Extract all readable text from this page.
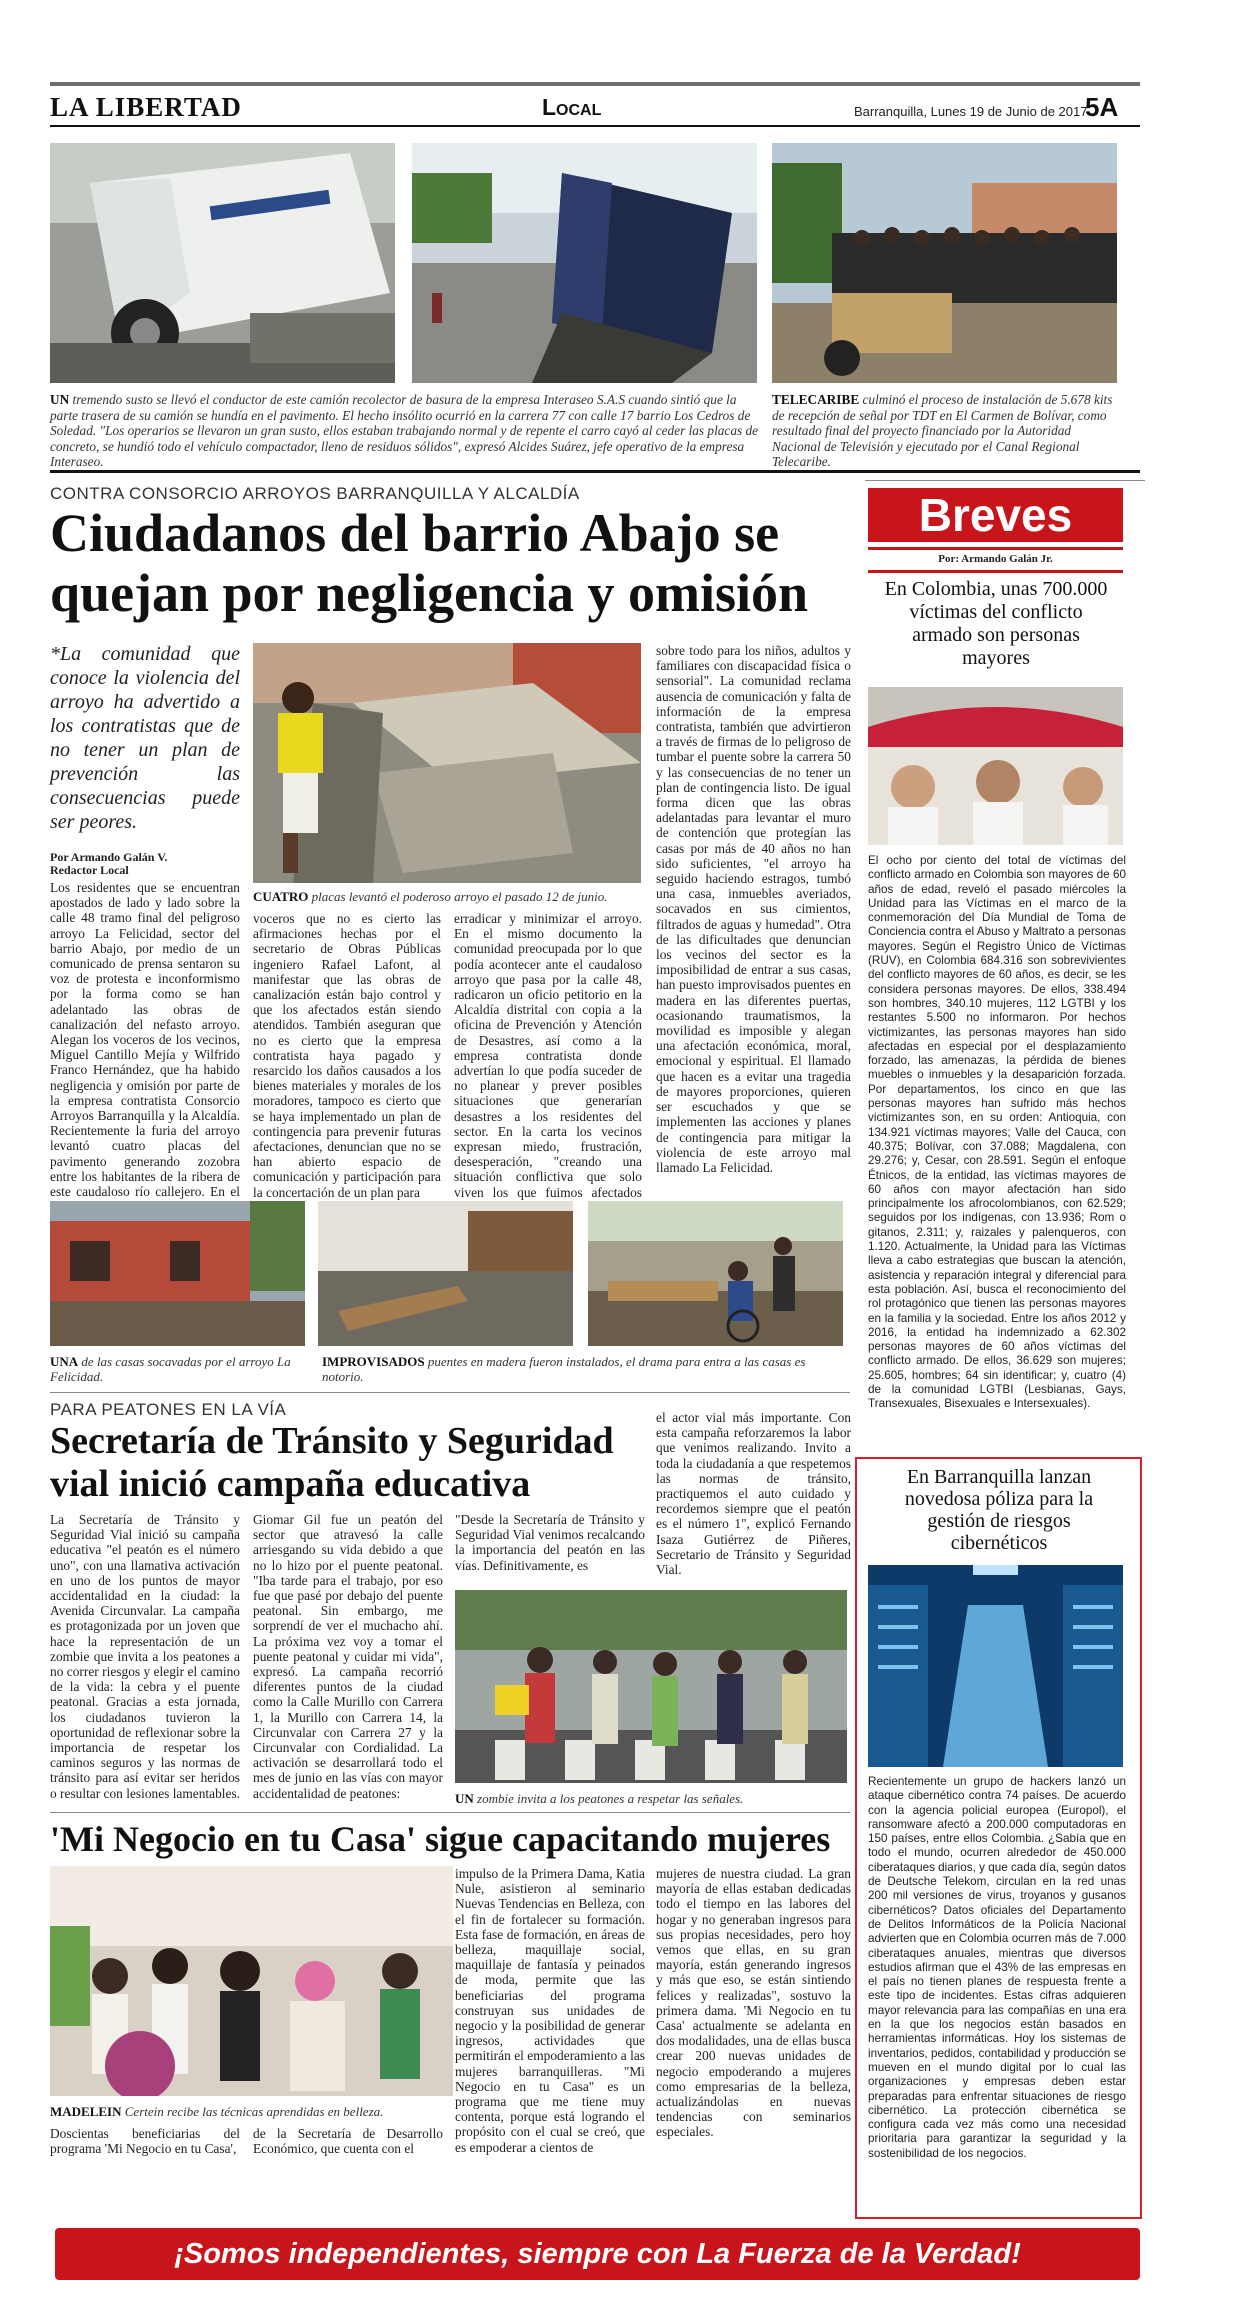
LA LIBERTAD	Local	Barranquilla, Lunes 19 de Junio de 2017
5A
UN tremendo susto se llevó el conductor de este camión recolector de basura de la empresa Interaseo S.A.S cuando sintió que la parte trasera de su camión se hundía en el pavimento. El hecho insólito ocurrió en la carrera 77 con calle 17 barrio Los Cedros de Soledad. "Los operarios se llevaron un gran susto, ellos estaban trabajando normal y de repente el carro cayó al ceder las placas de concreto, se hundió todo el vehículo compactador, lleno de residuos sólidos", expresó Alcides Suárez, jefe operativo de la empresa Interaseo.
TELECARIBE culminó el proceso de instalación de 5.678 kits de recepción de señal por TDT en El Carmen de Bolívar, como resultado final del proyecto financiado por la Autoridad Nacional de Televisión y ejecutado por el Canal Regional Telecaribe.
CONTRA CONSORCIO ARROYOS BARRANQUILLA Y ALCALDÍA
Ciudadanos del barrio Abajo se quejan por negligencia y omisión
*La comunidad que conoce la violencia del arroyo ha advertido a los contratistas que de no tener un plan de prevención las consecuencias puede ser peores.
Por Armando Galán V.
Redactor Local
Los residentes que se encuentran apostados de lado y lado sobre la calle 48 tramo final del peligroso arroyo La Felicidad, sector del barrio Abajo, por medio de un comunicado de prensa sentaron su voz de protesta e inconformismo por la forma como se han adelantado las obras de canalización del nefasto arroyo. Alegan los voceros de los vecinos, Miguel Cantillo Mejía y Wilfrido Franco Hernández, que ha habido negligencia y omisión por parte de la empresa contratista Consorcio Arroyos Barranquilla y la Alcaldía. Recientemente la furia del arroyo levantó cuatro placas del pavimento generando zozobra entre los habitantes de la ribera de este caudaloso río callejero. En el
CUATRO placas levantó el poderoso arroyo el pasado 12 de junio.
voceros que no es cierto las afirmaciones hechas por el secretario de Obras Públicas ingeniero Rafael Lafont, al manifestar que las obras de canalización están bajo control y que los afectados están siendo atendidos. También aseguran que no es cierto que la empresa contratista haya pagado y resarcido los daños causados a los bienes materiales y morales de los moradores, tampoco es cierto que se haya implementado un plan de contingencia para prevenir futuras afectaciones, denuncian que no se han abierto espacio de comunicación y participación para la concertación de un plan para
erradicar y minimizar el arroyo. En el mismo documento la comunidad preocupada por lo que podía acontecer ante el caudaloso arroyo que pasa por la calle 48, radicaron un oficio petitorio en la Alcaldía distrital con copia a la oficina de Prevención y Atención de Desastres, así como a la empresa contratista donde advertían lo que podía suceder de no planear y prever posibles situaciones que generarían desastres a los residentes del sector. En la carta los vecinos expresan miedo, frustración, desesperación, "creando una situación conflictiva que solo viven los que fuimos afectados
sobre todo para los niños, adultos y familiares con discapacidad física o sensorial". La comunidad reclama ausencia de comunicación y falta de información de la empresa contratista, también que advirtieron a través de firmas de lo peligroso de tumbar el puente sobre la carrera 50 y las consecuencias de no tener un plan de contingencia listo. De igual forma dicen que las obras adelantadas para levantar el muro de contención que protegían las casas por más de 40 años no han sido suficientes, "el arroyo ha seguido haciendo estragos, tumbó una casa, inmuebles averiados, socavados en sus cimientos, filtrados de aguas y humedad". Otra de las dificultades que denuncian los vecinos del sector es la imposibilidad de entrar a sus casas, han puesto improvisados puentes en madera en las diferentes puertas, ocasionando traumatismos, la movilidad es imposible y alegan una afectación económica, moral, emocional y espiritual. El llamado que hacen es a evitar una tragedia de mayores proporciones, quieren ser escuchados y que se implementen las acciones y planes de contingencia para mitigar la violencia de este arroyo mal llamado La Felicidad.
UNA de las casas socavadas por el arroyo La Felicidad.
IMPROVISADOS puentes en madera fueron instalados, el drama para entra a las casas es notorio.
PARA PEATONES EN LA VÍA
Secretaría de Tránsito y Seguridad vial inició campaña educativa
La Secretaría de Tránsito y Seguridad Vial inició su campaña educativa "el peatón es el número uno", con una llamativa activación en uno de los puntos de mayor accidentalidad en la ciudad: la Avenida Circunvalar. La campaña es protagonizada por un joven que hace la representación de un zombie que invita a los peatones a no correr riesgos y elegir el camino de la vida: la cebra y el puente peatonal. Gracias a esta jornada, los ciudadanos tuvieron la oportunidad de reflexionar sobre la importancia de respetar los caminos seguros y las normas de tránsito para así evitar ser heridos o resultar con lesiones lamentables.
Giomar Gil fue un peatón del sector que atravesó la calle arriesgando su vida debido a que no lo hizo por el puente peatonal. "Iba tarde para el trabajo, por eso fue que pasé por debajo del puente peatonal. Sin embargo, me sorprendí de ver el muchacho ahí. La próxima vez voy a tomar el puente peatonal y cuidar mi vida", expresó. La campaña recorrió diferentes puntos de la ciudad como la Calle Murillo con Carrera 1, la Murillo con Carrera 14, la Circunvalar con Carrera 27 y la Circunvalar con Cordialidad. La activación se desarrollará todo el mes de junio en las vías con mayor accidentalidad de peatones:
"Desde la Secretaría de Tránsito y Seguridad Vial venimos recalcando la importancia del peatón en las vías. Definitivamente, es
el actor vial más importante. Con esta campaña reforzaremos la labor que venimos realizando. Invito a toda la ciudadanía a que respetemos las normas de tránsito, practiquemos el auto cuidado y recordemos siempre que el peatón es el número 1", explicó Fernando Isaza Gutiérrez de Piñeres, Secretario de Tránsito y Seguridad Vial.
UN zombie invita a los peatones a respetar las señales.
'Mi Negocio en tu Casa' sigue capacitando mujeres
MADELEIN Certein recibe las técnicas aprendidas en belleza.
Doscientas beneficiarias del programa 'Mi Negocio en tu Casa',
de la Secretaría de Desarrollo Económico, que cuenta con el
impulso de la Primera Dama, Katia Nule, asistieron al seminario Nuevas Tendencias en Belleza, con el fin de fortalecer su formación. Esta fase de formación, en áreas de belleza, maquillaje social, maquillaje de fantasía y peinados de moda, permite que las beneficiarias del programa construyan sus unidades de negocio y la posibilidad de generar ingresos, actividades que permitirán el empoderamiento a las mujeres barranquilleras. "Mi Negocio en tu Casa" es un programa que me tiene muy contenta, porque está logrando el propósito con el cual se creó, que es empoderar a cientos de
mujeres de nuestra ciudad. La gran mayoría de ellas estaban dedicadas todo el tiempo en las labores del hogar y no generaban ingresos para sus propias necesidades, pero hoy vemos que ellas, en su gran mayoría, están generando ingresos y más que eso, se están sintiendo felices y realizadas", sostuvo la primera dama. 'Mi Negocio en tu Casa' actualmente se adelanta en dos modalidades, una de ellas busca crear 200 nuevas unidades de negocio empoderando a mujeres como empresarias de la belleza, actualizándolas en nuevas tendencias con seminarios especiales.
Breves
Por: Armando Galán Jr.
En Colombia, unas 700.000 víctimas del conflicto armado son personas mayores
El ocho por ciento del total de víctimas del conflicto armado en Colombia son mayores de 60 años de edad, reveló el pasado miércoles la Unidad para las Víctimas en el marco de la conmemoración del Día Mundial de Toma de Conciencia contra el Abuso y Maltrato a personas mayores. Según el Registro Único de Víctimas (RUV), en Colombia 684.316 son sobrevivientes del conflicto mayores de 60 años, es decir, se les considera personas mayores. De ellos, 338.494 son hombres, 340.10 mujeres, 112 LGTBI y los restantes 5.500 no informaron. Por hechos victimizantes, las personas mayores han sido afectadas en especial por el desplazamiento forzado, las amenazas, la pérdida de bienes muebles o inmuebles y la desaparición forzada. Por departamentos, los cinco en que las personas mayores han sufrido más hechos victimizantes son, en su orden: Antioquia, con 134.921 víctimas mayores; Valle del Cauca, con 40.375; Bolívar, con 37.088; Magdalena, con 29.276; y, Cesar, con 28.591. Según el enfoque Étnicos, de la entidad, las víctimas mayores de 60 años con mayor afectación han sido principalmente los afrocolombianos, con 62.529; seguidos por los indígenas, con 13.936; Rom o gitanos, 2.311; y, raizales y palenqueros, con 1.120. Actualmente, la Unidad para las Víctimas lleva a cabo estrategias que buscan la atención, asistencia y reparación integral y diferencial para esta población. Así, busca el reconocimiento del rol protagónico que tienen las personas mayores en la familia y la sociedad. Entre los años 2012 y 2016, la entidad ha indemnizado a 62.302 personas mayores de 60 años víctimas del conflicto armado. De ellos, 36.629 son mujeres; 25.605, hombres; 64 sin identificar; y, cuatro (4) de la comunidad LGTBI (Lesbianas, Gays, Transexuales, Bisexuales e Intersexuales).
En Barranquilla lanzan novedosa póliza para la gestión de riesgos cibernéticos
Recientemente un grupo de hackers lanzó un ataque cibernético contra 74 países. De acuerdo con la agencia policial europea (Europol), el ransomware afectó a 200.000 computadoras en 150 países, entre ellos Colombia. ¿Sabía que en todo el mundo, ocurren alrededor de 450.000 ciberataques diarios, y que cada día, según datos de Deutsche Telekom, circulan en la red unas 200 mil versiones de virus, troyanos y gusanos cibernéticos? Datos oficiales del Departamento de Delitos Informáticos de la Policía Nacional advierten que en Colombia ocurren más de 7.000 ciberataques anuales, mientras que diversos estudios afirman que el 43% de las empresas en el país no tienen planes de respuesta frente a este tipo de incidentes. Estas cifras adquieren mayor relevancia para las compañías en una era en la que los negocios están basados en herramientas informáticas. Hoy los sistemas de inventarios, pedidos, contabilidad y producción se mueven en el mundo digital por lo cual las organizaciones y empresas deben estar preparadas para enfrentar situaciones de riesgo cibernético. La protección cibernética se configura cada vez más como una necesidad prioritaria para garantizar la seguridad y la sostenibilidad de los negocios.
¡Somos independientes, siempre con La Fuerza de la Verdad!
